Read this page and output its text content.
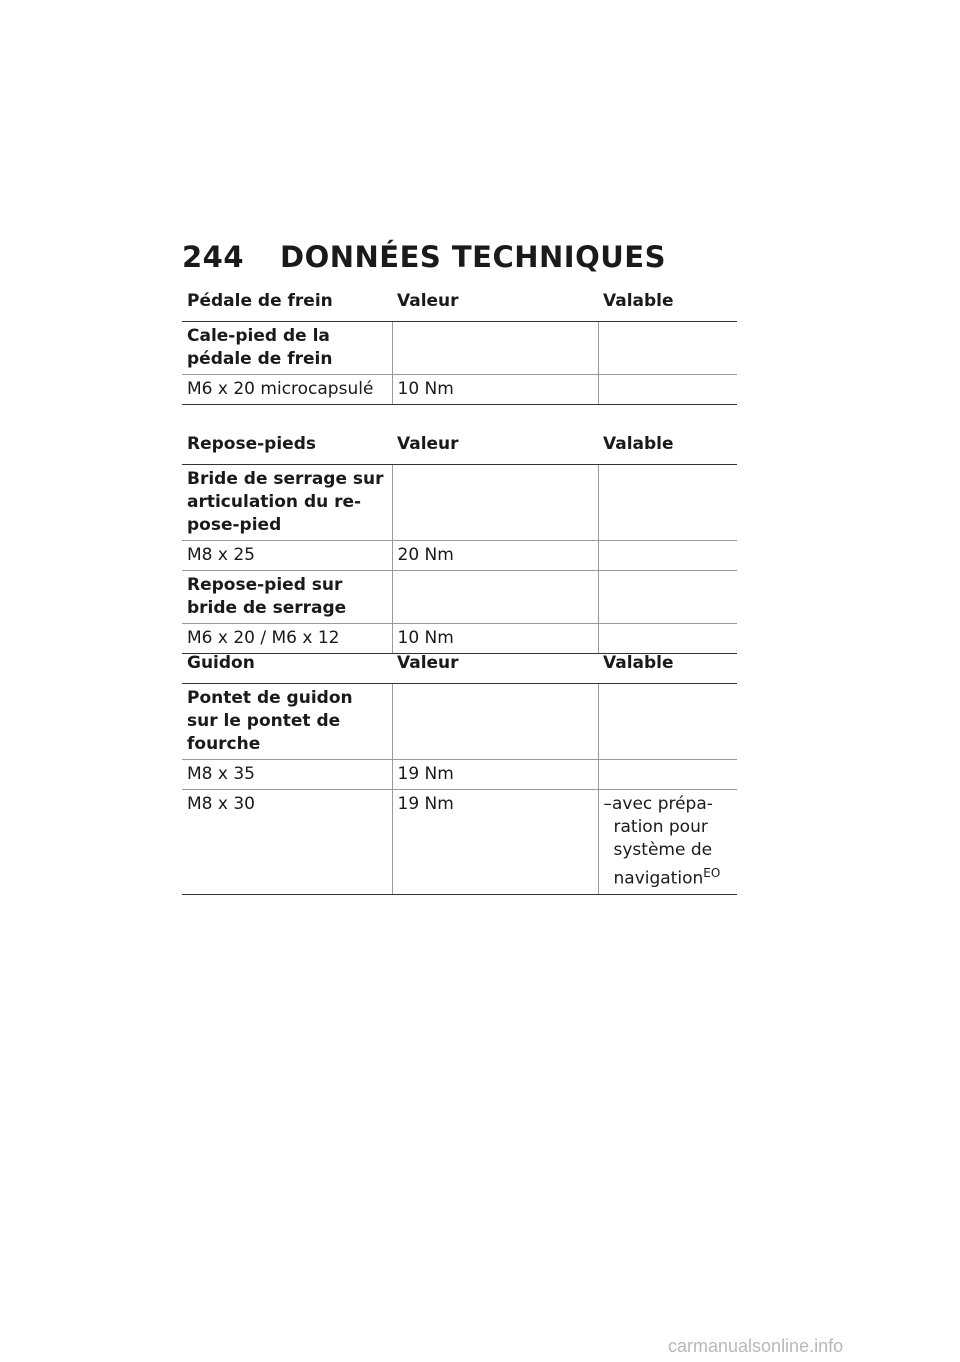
244 DONNÉES TECHNIQUES
Pédale de frein	Valeur	Valable
Cale-pied de la pédale de frein		
M6 x 20 microcapsulé	10 Nm	
Repose-pieds	Valeur	Valable
Bride de serrage sur articulation du re-pose-pied		
M8 x 25	20 Nm	
Repose-pied sur bride de serrage		
M6 x 20 / M6 x 12	10 Nm	
Guidon	Valeur	Valable
Pontet de guidon sur le pontet de fourche		
M8 x 35	19 Nm	
M8 x 30	19 Nm	–avec prépa-ration pour système de navigation$^{EO}$
carmanualsonline.info
